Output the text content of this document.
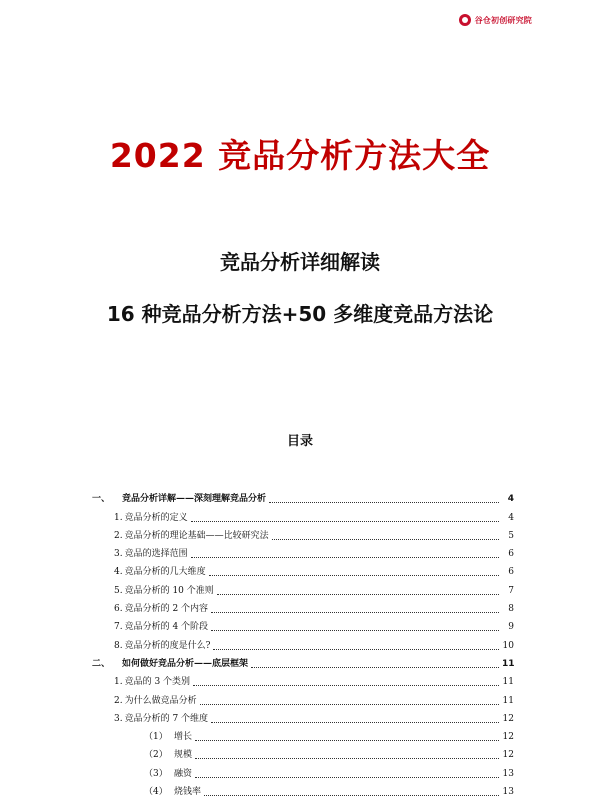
谷仓初创研究院
2022 竞品分析方法大全
竞品分析详细解读
16 种竞品分析方法+50 多维度竞品方法论
目录
一、	竞品分析详解——深刻理解竞品分析	4
1. 竞品分析的定义	4
2. 竞品分析的理论基础——比较研究法	5
3. 竞品的选择范围	6
4. 竞品分析的几大维度	6
5. 竞品分析的 10 个准则	7
6. 竞品分析的 2 个内容	8
7. 竞品分析的 4 个阶段	9
8. 竞品分析的度是什么?	10
二、	如何做好竞品分析——底层框架	11
1. 竞品的 3 个类别	11
2. 为什么做竞品分析	11
3. 竞品分析的 7 个维度	12
（1） 增长	12
（2） 规模	12
（3） 融资	13
（4） 烧钱率	13
